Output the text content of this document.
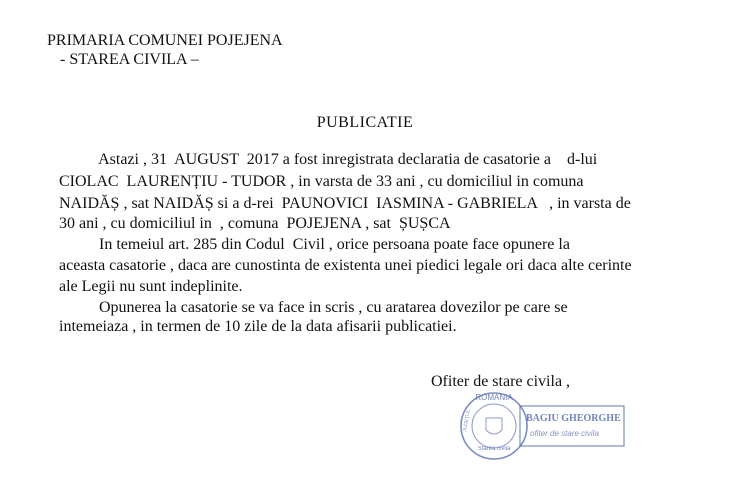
PRIMARIA COMUNEI POJEJENA
- STAREA CIVILA –
PUBLICATIE
Astazi , 31  AUGUST  2017 a fost inregistrata declaratia de casatorie a    d-lui
CIOLAC  LAURENȚIU - TUDOR , in varsta de 33 ani , cu domiciliul in comuna
NAIDĂȘ , sat NAIDĂȘ si a d-rei  PAUNOVICI  IASMINA - GABRIELA   , in varsta de
30 ani , cu domiciliul in  , comuna  POJEJENA , sat  ȘUȘCA
In temeiul art. 285 din Codul  Civil , orice persoana poate face opunere la
aceasta casatorie , daca are cunostinta de existenta unei piedici legale ori daca alte cerinte
ale Legii nu sunt indeplinite.
Opunerea la casatorie se va face in scris , cu aratarea dovezilor pe care se
intemeiaza , in termen de 10 zile de la data afisarii publicatiei.
Ofiter de stare civila ,
ROMANIA
JUDEȚUL
Starea civila
BAGIU GHEORGHE
ofiter de stare civila
